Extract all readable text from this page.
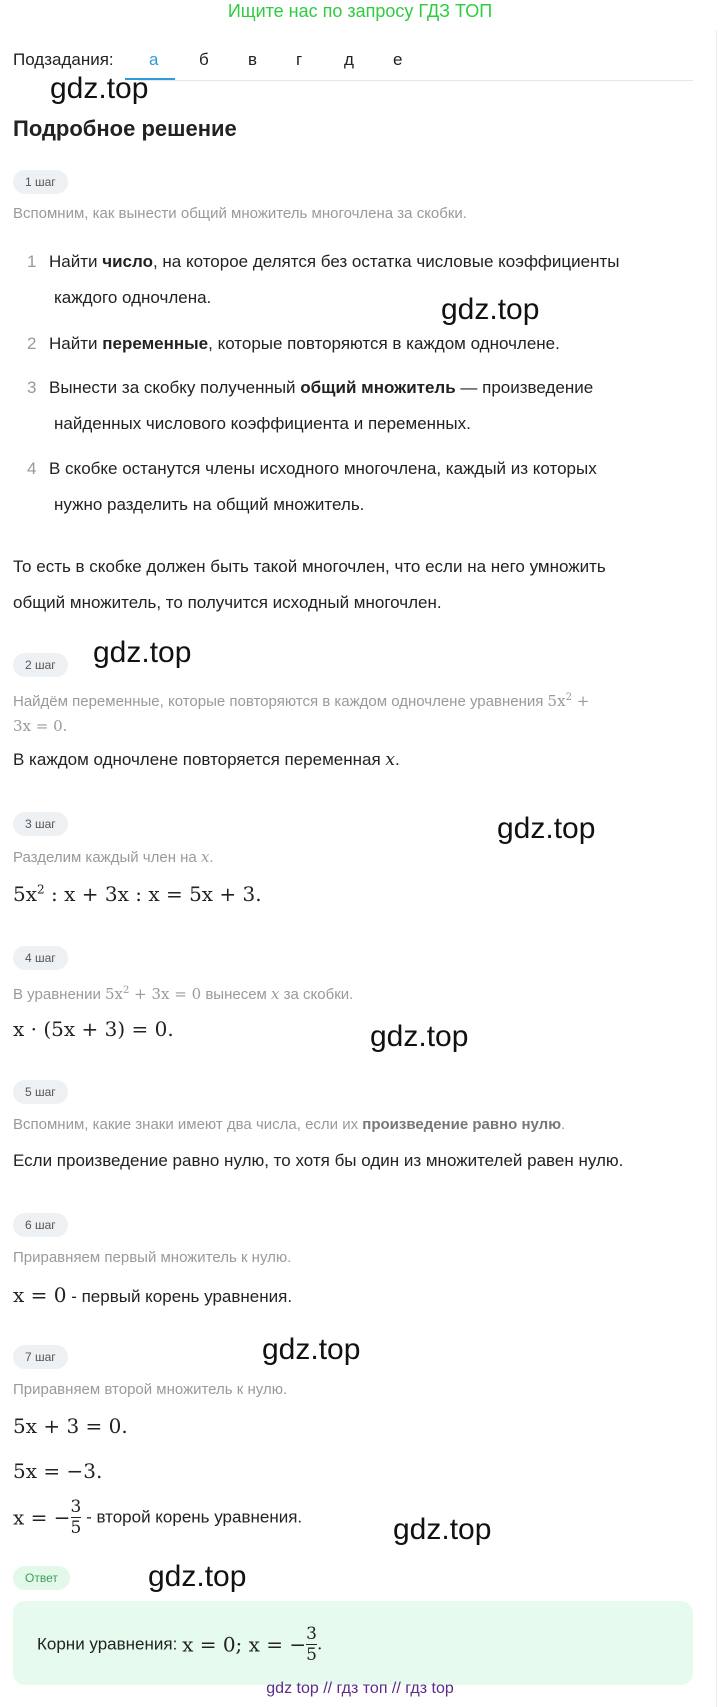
Ищите нас по запросу ГДЗ ТОП
Подзадания: а б в г д е
gdz.top
Подробное решение
1 шаг
Вспомним, как вынести общий множитель многочлена за скобки.
1 Найти число, на которое делятся без остатка числовые коэффициенты
каждого одночлена.
2 Найти переменные, которые повторяются в каждом одночлене.
3 Вынести за скобку полученный общий множитель — произведение
найденных числового коэффициента и переменных.
4 В скобке останутся члены исходного многочлена, каждый из которых
нужно разделить на общий множитель.
gdz.top
То есть в скобке должен быть такой многочлен, что если на него умножить
общий множитель, то получится исходный многочлен.
2 шаг	gdz.top
Найдём переменные, которые повторяются в каждом одночлене уравнения $5x^2$ +
3x = 0.
В каждом одночлене повторяется переменная x.
3 шаг	gdz.top
Разделим каждый член на x.
$5x^2$ : x + 3x : x = 5x + 3.
4 шаг
В уравнении $5x^2 + 3x = 0$ вынесем x за скобки.
x · (5x + 3) = 0.	gdz.top
5 шаг
Вспомним, какие знаки имеют два числа, если их произведение равно нулю.
Если произведение равно нулю, то хотя бы один из множителей равен нулю.
6 шаг
Приравняем первый множитель к нулю.
x = 0 - первый корень уравнения.
7 шаг	gdz.top
Приравняем второй множитель к нулю.
5x + 3 = 0.
5x = −3.
x = − $\frac{3}{5}$ - второй корень уравнения.	gdz.top
Ответ	gdz.top
Корни уравнения: x = 0; x = − $\frac{3}{5}$ .
gdz top // гдз топ // гдз top
